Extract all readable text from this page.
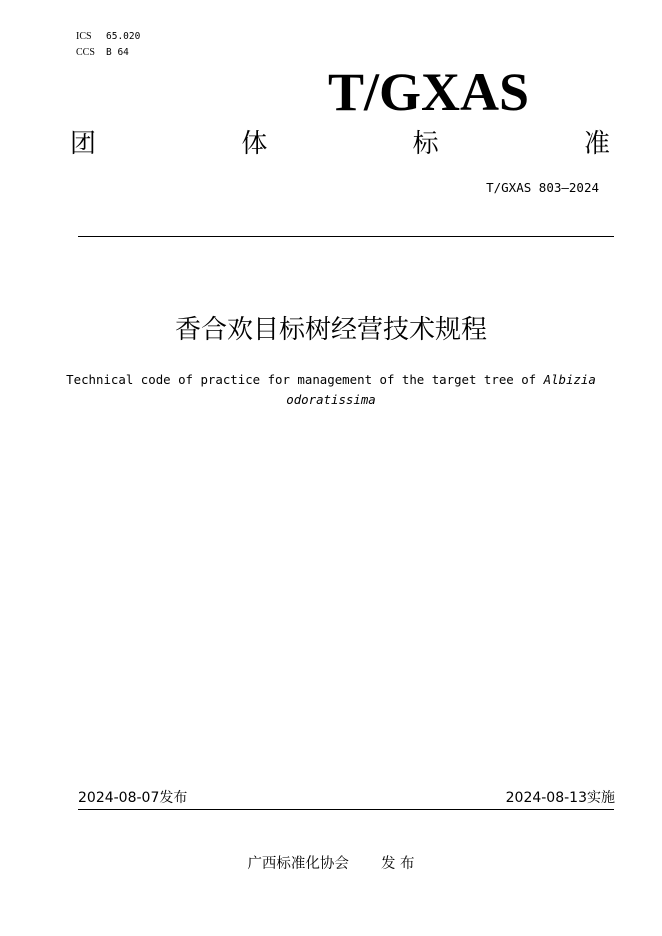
ICS 65.020
CCS B 64
T/GXAS
团	体	标	准
T/GXAS 803—2024
香合欢目标树经营技术规程
Technical code of practice for management of the target tree of Albizia odoratissima
2024-08-07发布	2024-08-13实施
广西标准化协会 发 布
